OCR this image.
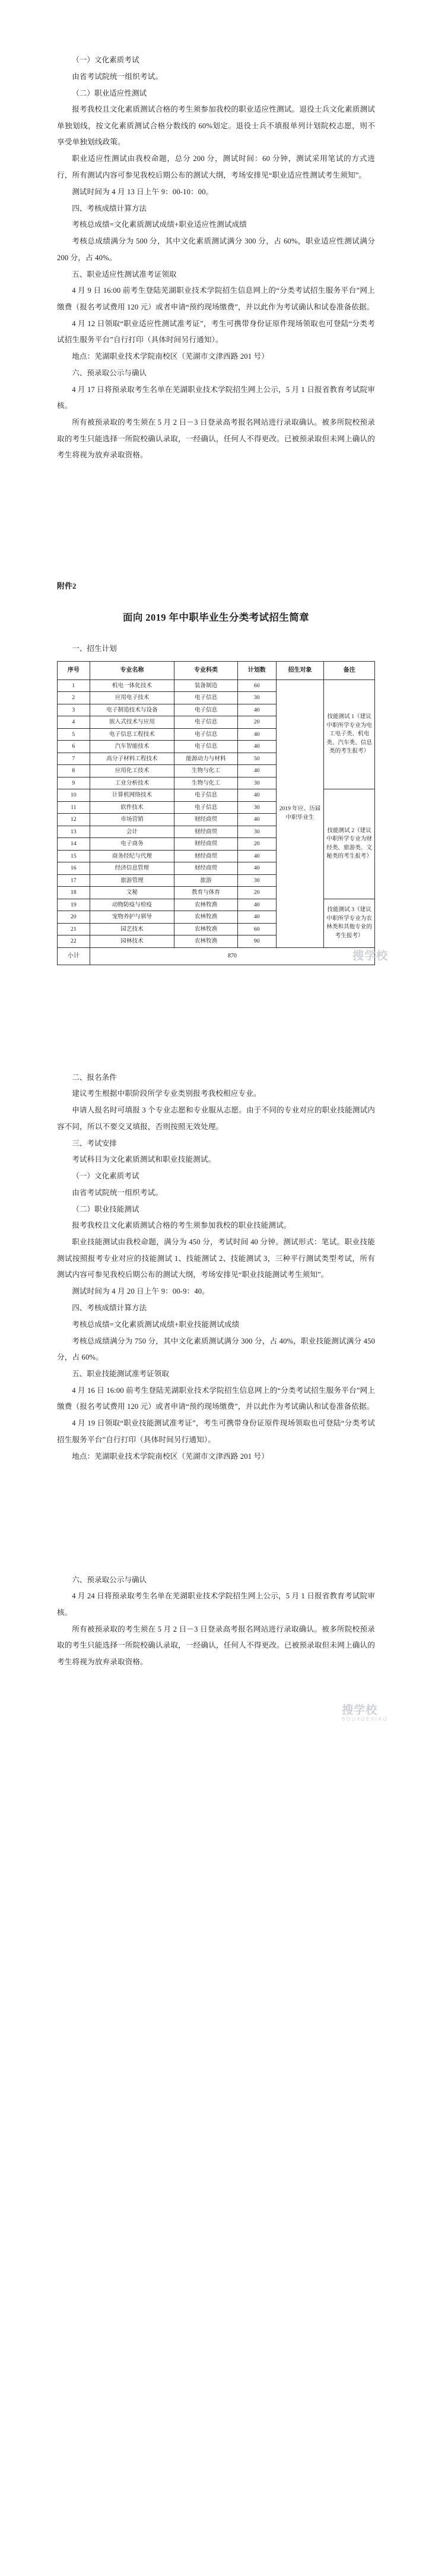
（一）文化素质考试

由省考试院统一组织考试。

（二）职业适应性测试

报考我校且文化素质测试合格的考生须参加我校的职业适应性测试。退役士兵文化素质测试单独划线，按文化素质测试合格分数线的 60%划定。退役士兵不填报单列计划院校志愿，则不享受单独划线政策。

职业适应性测试由我校命题，总分 200 分，测试时间：60 分钟，测试采用笔试的方式进行，所有测试内容可参见我校后期公布的测试大纲，考场安排见“职业适应性测试考生须知”。

测试时间为 4 月 13 日上午 9：00-10：00。

四、考核成绩计算方法

考核总成绩=文化素质测试成绩+职业适应性测试成绩

考核总成绩满分为 500 分，其中文化素质测试满分 300 分，占 60%，职业适应性测试满分 200 分，占 40%。

五、职业适应性测试准考证领取

4 月 9 日 16:00 前考生登陆芜湖职业技术学院招生信息网上的“分类考试招生服务平台”网上缴费（报名考试费用 120 元）或者申请“预约现场缴费”，并以此作为考试确认和试卷准备依据。

4 月 12 日领取“职业适应性测试准考证”，考生可携带身份证原件现场领取也可登陆“分类考试招生服务平台”自行打印（具体时间另行通知）。

地点：芜湖职业技术学院南校区（芜湖市文津西路 201 号）

六、预录取公示与确认

4 月 17 日将预录取考生名单在芜湖职业技术学院招生网上公示，5 月 1 日报省教育考试院审核。

所有被预录取的考生须在 5 月 2 日－3 日登录高考报名网站进行录取确认。被多所院校预录取的考生只能选择一所院校确认录取，一经确认，任何人不得更改。已被预录取但未网上确认的考生将视为放弃录取资格。

附件2

面向 2019 年中职毕业生分类考试招生简章

一、招生计划

序号	专业名称	专业科类	计划数	招生对象	备注
1	机电一体化技术	装备制造	60	2019 年应、历届中职毕业生	技能测试 1（建议中职所学专业为电工电子类、机电类、汽车类、信息类的考生报考）
2	应用电子技术	电子信息	30		
3	电子制造技术与设备	电子信息	40		
4	嵌入式技术与应用	电子信息	20		
5	电子信息工程技术	电子信息	40		
6	汽车智能技术	电子信息	40		
7	高分子材料工程技术	能源动力与材料	50		
8	应用化工技术	生物与化工	40		
9	工业分析技术	生物与化工	30		
10	计算机网络技术	电子信息	40		技能测试 2（建议中职所学专业为财经类、旅游类、文秘类的考生报考）
11	软件技术	电子信息	30		
12	市场营销	财经商贸	40		
13	会计	财经商贸	30		
14	电子商务	财经商贸	20		
15	商务经纪与代理	财经商贸	40		
16	经济信息管理	财经商贸	40		
17	旅游管理	旅游	30		
18	文秘	教育与体育	20		
19	动物防疫与检疫	农林牧渔	40		技能测试 3（建议中职所学专业为农林类和其他专业的考生报考）
20	宠物养护与驯导	农林牧渔	40		
21	园艺技术	农林牧渔	60		
22	园林技术	农林牧渔	90		
小计	870					搜学校

二、报名条件

建议考生根据中职阶段所学专业类别报考我校相应专业。

申请人报名时可填报 3 个专业志愿和专业服从志愿。由于不同的专业对应的职业技能测试内容不同，所以不要交叉填报，否则按照无效处理。

三、考试安排

考试科目为文化素质测试和职业技能测试。

（一）文化素质考试

由省考试院统一组织考试。

（二）职业技能测试

报考我校且文化素质测试合格的考生须参加我校的职业技能测试。

职业技能测试由我校命题，满分为 450 分，考试时间 40 分钟。测试形式：笔试。职业技能测试按照报考专业对应的技能测试 1、技能测试 2、技能测试 3，三种平行测试类型考试，所有测试内容可参见我校后期公布的测试大纲，考场安排见“职业技能测试考生须知”。

测试时间为 4 月 20 日上午 9：00-9：40。

四、考核成绩计算方法

考核总成绩=文化素质测试成绩+职业技能测试成绩

考核总成绩满分为 750 分，其中文化素质测试满分 300 分，占 40%，职业技能测试满分 450 分，占 60%。

五、职业技能测试准考证领取

4 月 16 日 16:00 前考生登陆芜湖职业技术学院招生信息网上的“分类考试招生服务平台”网上缴费（报名考试费用 120 元）或者申请“预约现场缴费”，并以此作为考试确认和试卷准备依据。

4 月 19 日领取“职业技能测试准考证”，考生可携带身份证原件现场领取也可登陆“分类考试招生服务平台”自行打印（具体时间另行通知）。

地点：芜湖职业技术学院南校区（芜湖市文津西路 201 号）

六、预录取公示与确认

4 月 24 日将预录取考生名单在芜湖职业技术学院招生网上公示，5 月 1 日报省教育考试院审核。

所有被预录取的考生须在 5 月 2 日－3 日登录高考报名网站进行录取确认。被多所院校预录取的考生只能选择一所院校确认录取，一经确认，任何人不得更改。已被预录取但未网上确认的考生将视为放弃录取资格。

搜学校
SOUXUEXIAO
